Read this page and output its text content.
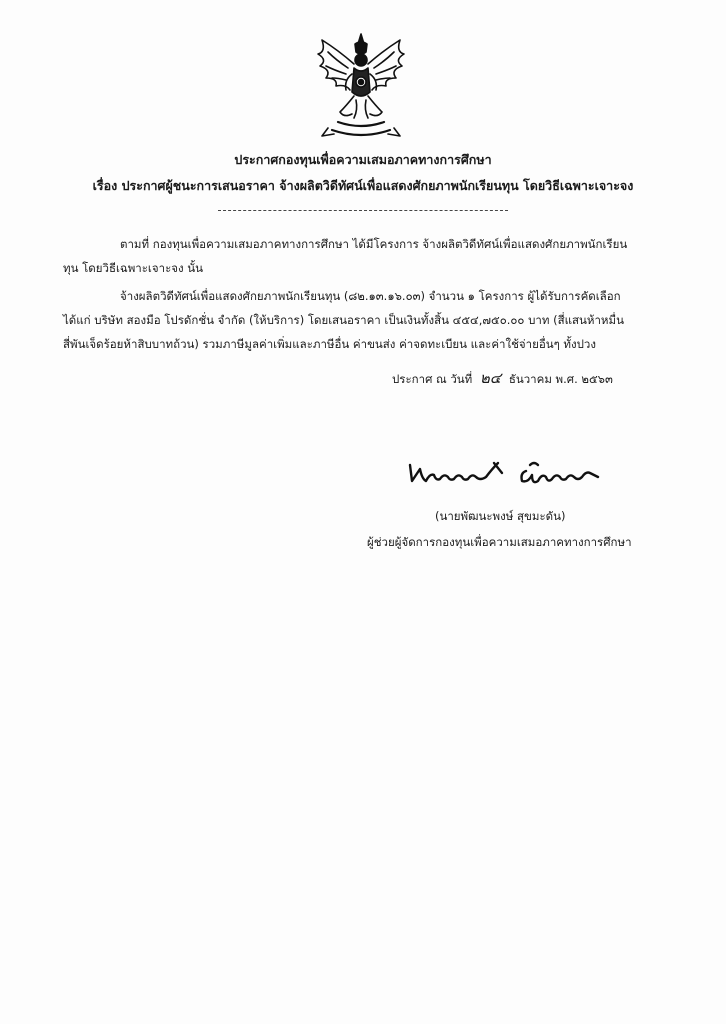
ประกาศกองทุนเพื่อความเสมอภาคทางการศึกษา
เรื่อง ประกาศผู้ชนะการเสนอราคา จ้างผลิตวิดีทัศน์เพื่อแสดงศักยภาพนักเรียนทุน โดยวิธีเฉพาะเจาะจง
ตามที่ กองทุนเพื่อความเสมอภาคทางการศึกษา ได้มีโครงการ จ้างผลิตวิดีทัศน์เพื่อแสดงศักยภาพนักเรียน
ทุน โดยวิธีเฉพาะเจาะจง นั้น
จ้างผลิตวิดีทัศน์เพื่อแสดงศักยภาพนักเรียนทุน (๘๒.๑๓.๑๖.๐๓) จำนวน ๑ โครงการ ผู้ได้รับการคัดเลือก
ได้แก่ บริษัท สองมือ โปรดักชั่น จำกัด (ให้บริการ) โดยเสนอราคา เป็นเงินทั้งสิ้น ๔๕๔,๗๕๐.๐๐ บาท (สี่แสนห้าหมื่น
สี่พันเจ็ดร้อยห้าสิบบาทถ้วน) รวมภาษีมูลค่าเพิ่มและภาษีอื่น ค่าขนส่ง ค่าจดทะเบียน และค่าใช้จ่ายอื่นๆ ทั้งปวง
ประกาศ ณ วันที่ ๒๔ ธันวาคม พ.ศ. ๒๕๖๓
(นายพัฒนะพงษ์ สุขมะดัน)
ผู้ช่วยผู้จัดการกองทุนเพื่อความเสมอภาคทางการศึกษา
